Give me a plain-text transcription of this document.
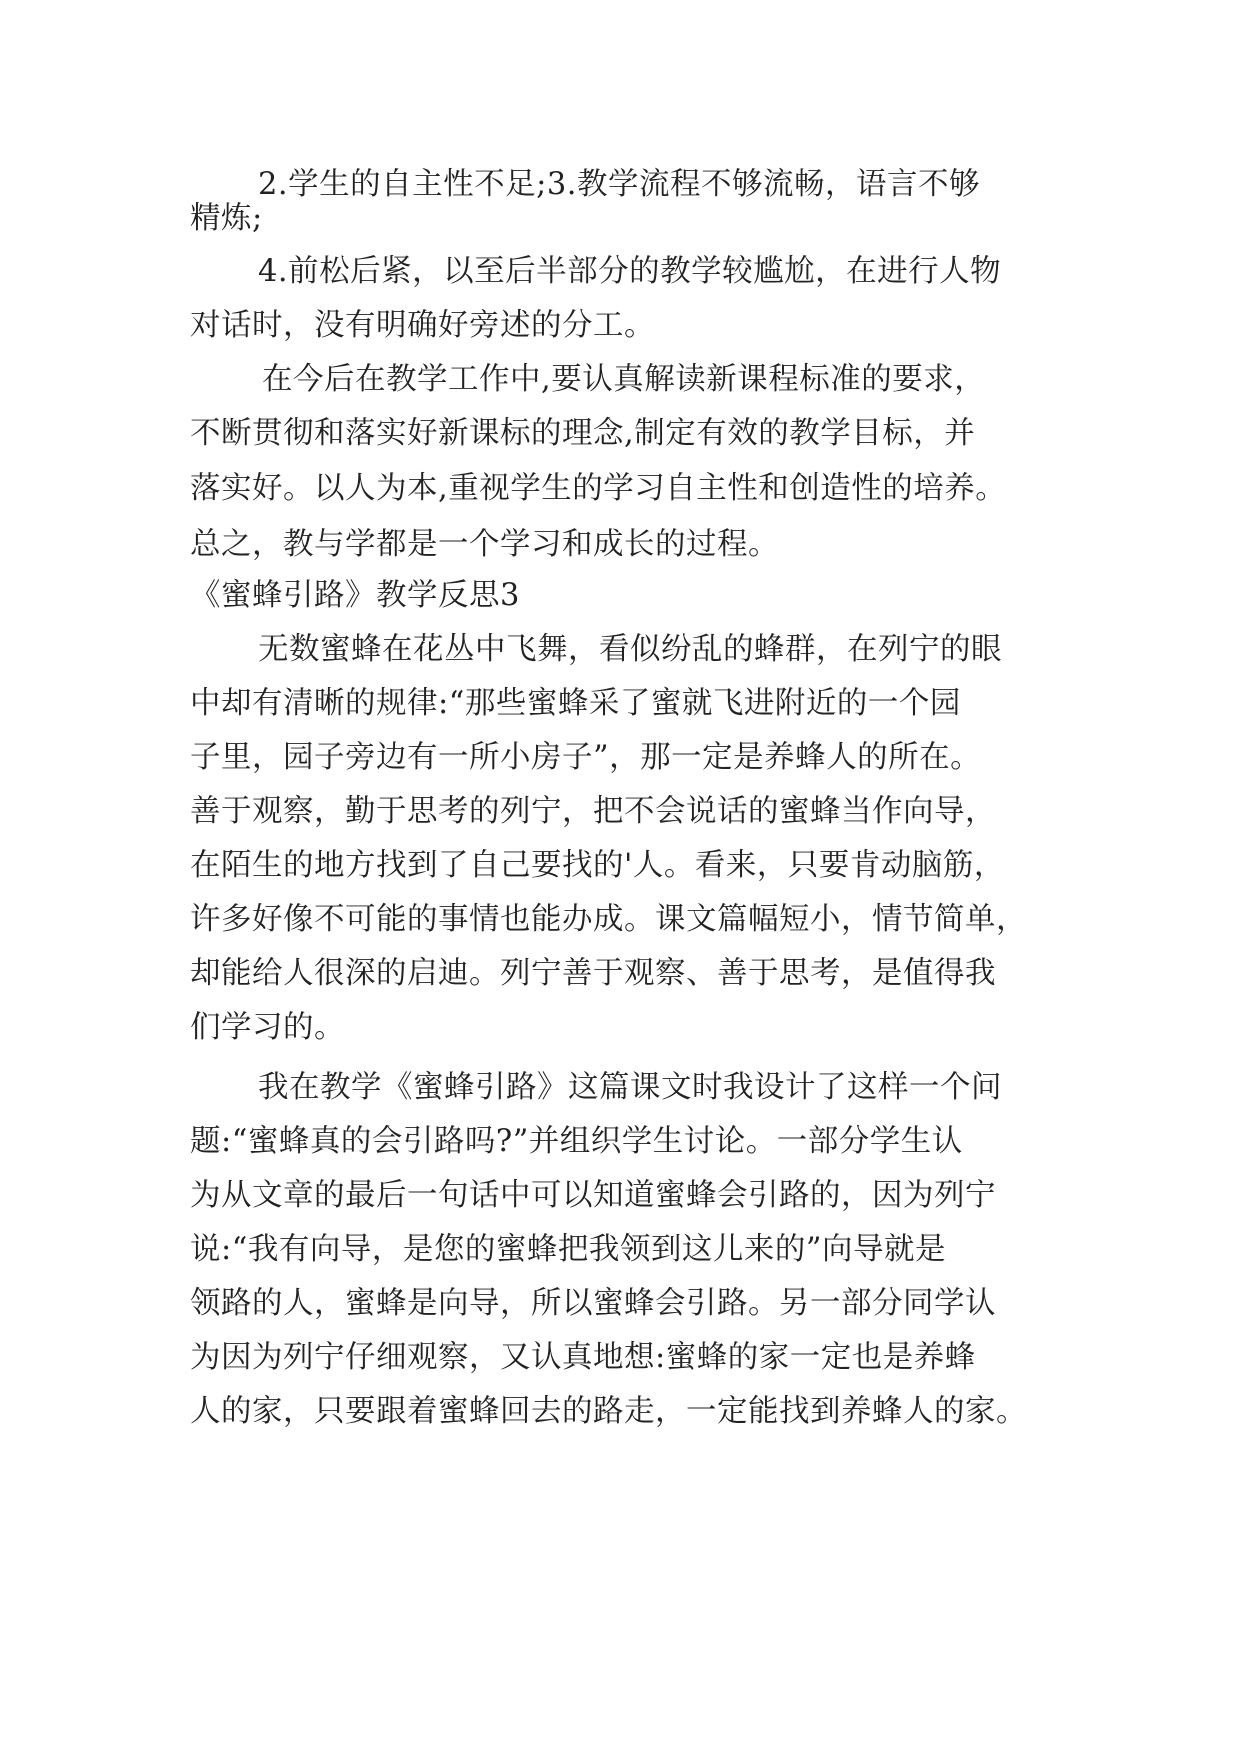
2.学生的自主性不足;3.教学流程不够流畅，语言不够
精炼;
4.前松后紧，以至后半部分的教学较尴尬，在进行人物
对话时，没有明确好旁述的分工。
在今后在教学工作中,要认真解读新课程标准的要求，
不断贯彻和落实好新课标的理念,制定有效的教学目标，并
落实好。以人为本,重视学生的学习自主性和创造性的培养。
总之，教与学都是一个学习和成长的过程。
《蜜蜂引路》教学反思3
无数蜜蜂在花丛中飞舞，看似纷乱的蜂群，在列宁的眼
中却有清晰的规律:“那些蜜蜂采了蜜就飞进附近的一个园
子里，园子旁边有一所小房子”，那一定是养蜂人的所在。
善于观察，勤于思考的列宁，把不会说话的蜜蜂当作向导，
在陌生的地方找到了自己要找的'人。看来，只要肯动脑筋，
许多好像不可能的事情也能办成。课文篇幅短小，情节简单，
却能给人很深的启迪。列宁善于观察、善于思考，是值得我
们学习的。
我在教学《蜜蜂引路》这篇课文时我设计了这样一个问
题:“蜜蜂真的会引路吗?”并组织学生讨论。一部分学生认
为从文章的最后一句话中可以知道蜜蜂会引路的，因为列宁
说:“我有向导，是您的蜜蜂把我领到这儿来的”向导就是
领路的人，蜜蜂是向导，所以蜜蜂会引路。另一部分同学认
为因为列宁仔细观察，又认真地想:蜜蜂的家一定也是养蜂
人的家，只要跟着蜜蜂回去的路走，一定能找到养蜂人的家。
